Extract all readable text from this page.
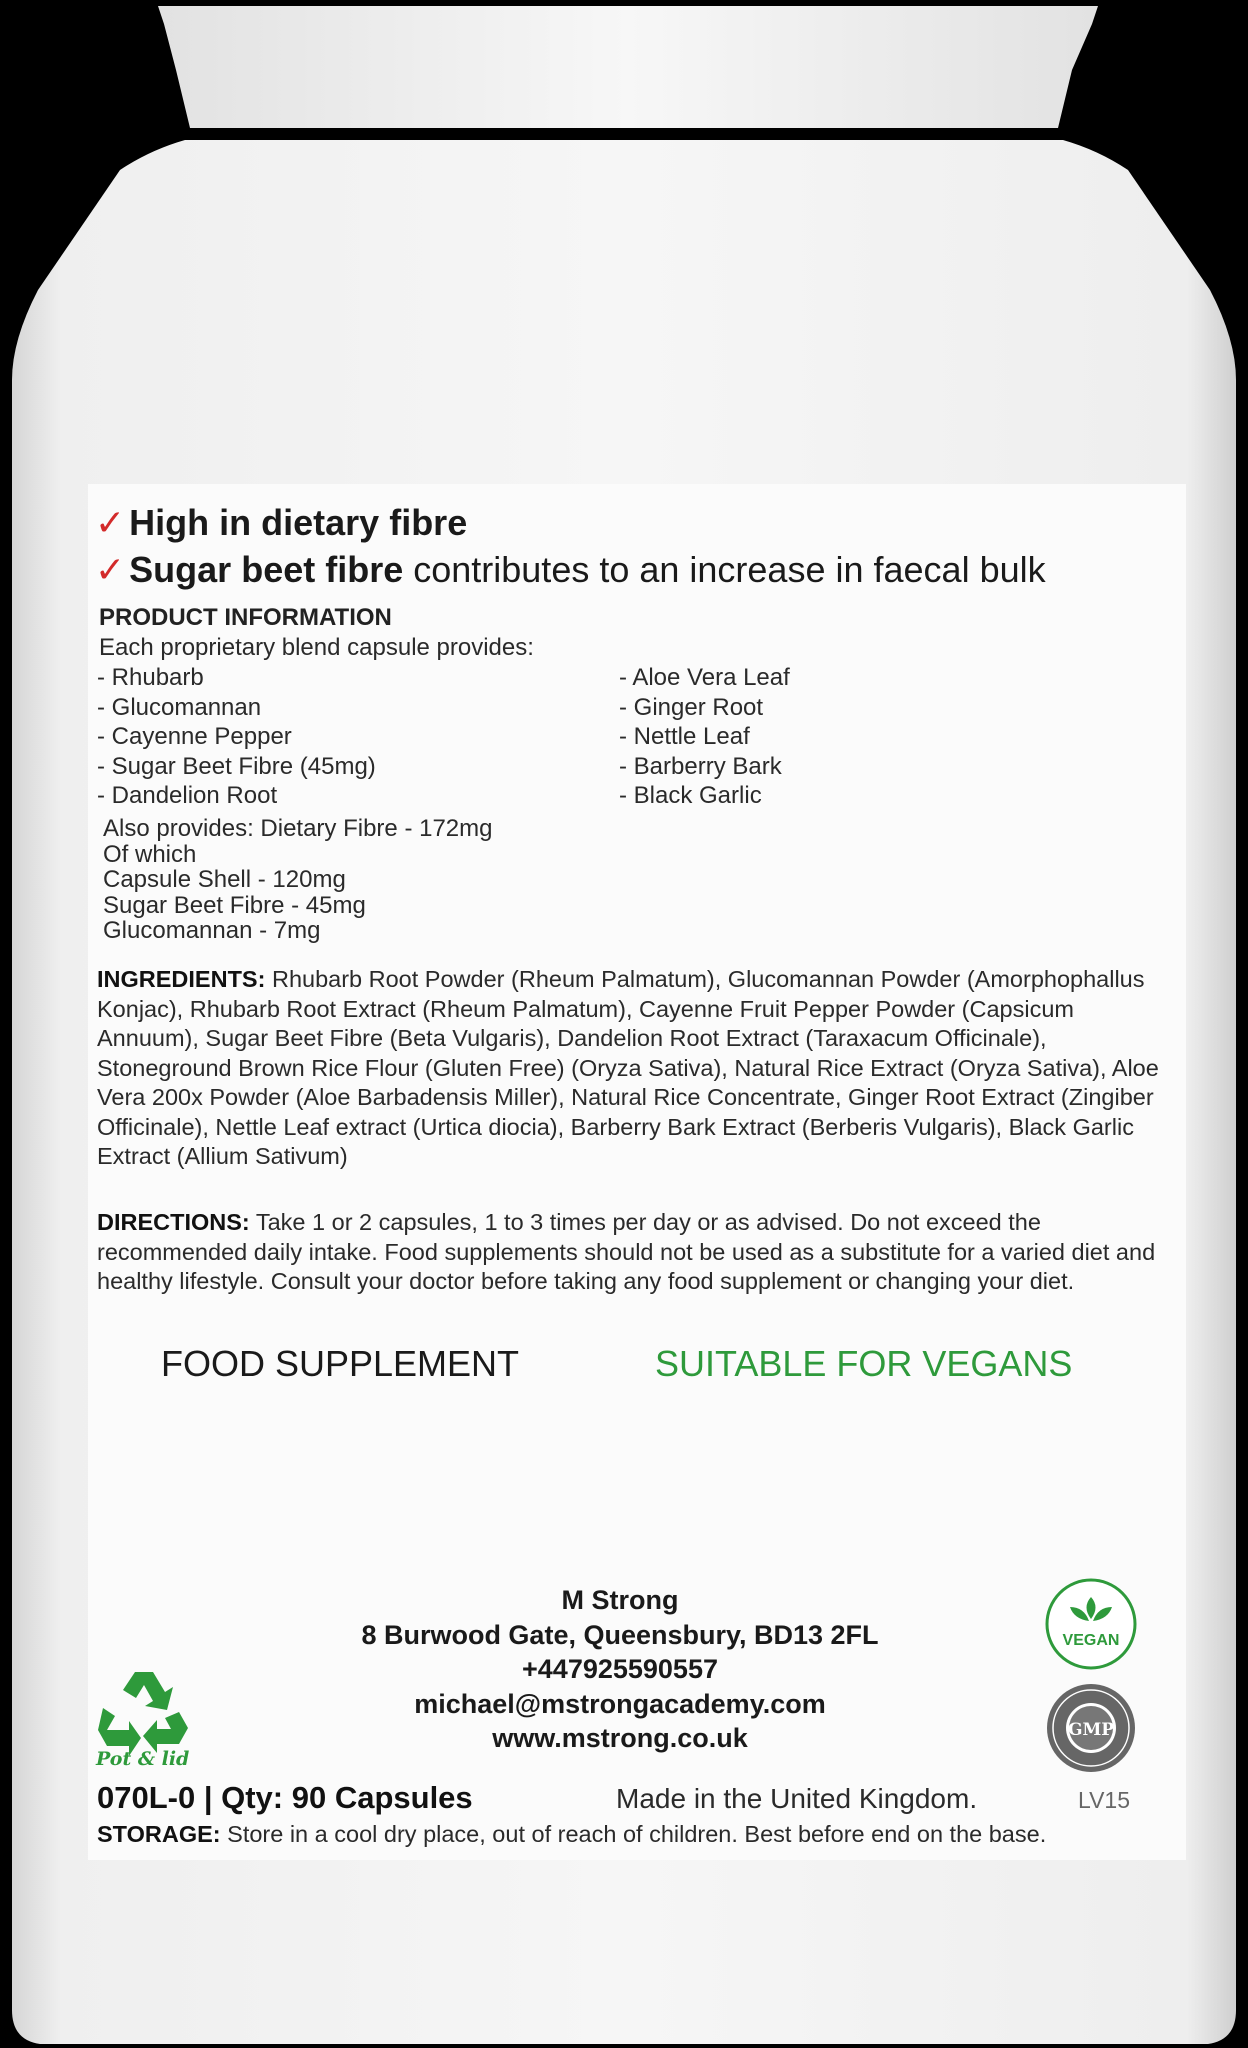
✓ High in dietary fibre
✓ Sugar beet fibre contributes to an increase in faecal bulk
PRODUCT INFORMATION
Each proprietary blend capsule provides:
- Rhubarb
- Glucomannan
- Cayenne Pepper
- Sugar Beet Fibre (45mg)
- Dandelion Root
- Aloe Vera Leaf
- Ginger Root
- Nettle Leaf
- Barberry Bark
- Black Garlic
Also provides: Dietary Fibre - 172mg
Of which
Capsule Shell - 120mg
Sugar Beet Fibre - 45mg
Glucomannan - 7mg
INGREDIENTS: Rhubarb Root Powder (Rheum Palmatum), Glucomannan Powder (Amorphophallus Konjac), Rhubarb Root Extract (Rheum Palmatum), Cayenne Fruit Pepper Powder (Capsicum Annuum), Sugar Beet Fibre (Beta Vulgaris), Dandelion Root Extract (Taraxacum Officinale), Stoneground Brown Rice Flour (Gluten Free) (Oryza Sativa), Natural Rice Extract (Oryza Sativa), Aloe Vera 200x Powder (Aloe Barbadensis Miller), Natural Rice Concentrate, Ginger Root Extract (Zingiber Officinale), Nettle Leaf extract (Urtica diocia), Barberry Bark Extract (Berberis Vulgaris), Black Garlic Extract (Allium Sativum)
DIRECTIONS: Take 1 or 2 capsules, 1 to 3 times per day or as advised. Do not exceed the recommended daily intake. Food supplements should not be used as a substitute for a varied diet and healthy lifestyle. Consult your doctor before taking any food supplement or changing your diet.
FOOD SUPPLEMENT	SUITABLE FOR VEGANS
M Strong
8 Burwood Gate, Queensbury, BD13 2FL
+447925590557
michael@mstrongacademy.com
www.mstrong.co.uk
Pot & lid
VEGAN
GMP
070L-0 | Qty: 90 Capsules	Made in the United Kingdom.	LV15
STORAGE: Store in a cool dry place, out of reach of children. Best before end on the base.
